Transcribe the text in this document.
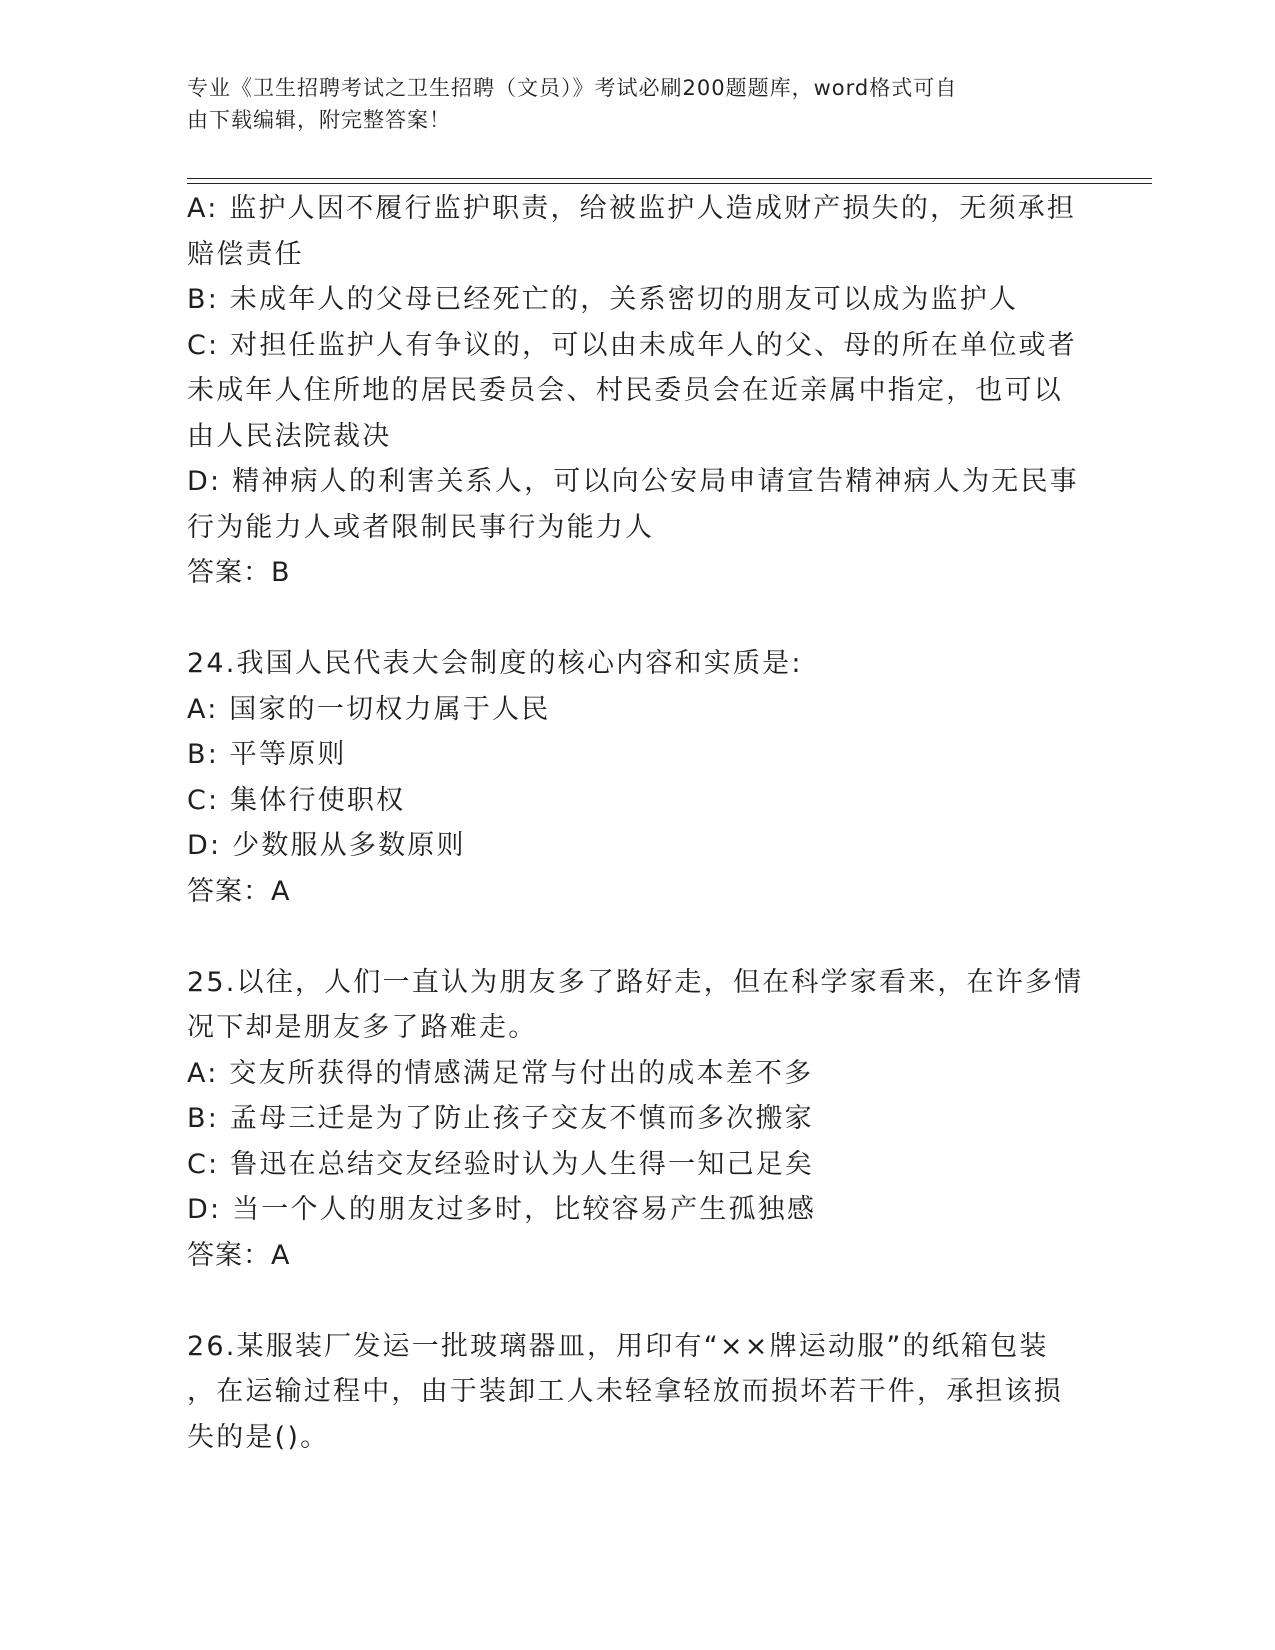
专业《卫生招聘考试之卫生招聘（文员）》考试必刷200题题库，word格式可自
由下载编辑，附完整答案！
A: 监护人因不履行监护职责，给被监护人造成财产损失的，无须承担
赔偿责任
B: 未成年人的父母已经死亡的，关系密切的朋友可以成为监护人
C: 对担任监护人有争议的，可以由未成年人的父、母的所在单位或者
未成年人住所地的居民委员会、村民委员会在近亲属中指定，也可以
由人民法院裁决
D: 精神病人的利害关系人，可以向公安局申请宣告精神病人为无民事
行为能力人或者限制民事行为能力人
答案：B
24.我国人民代表大会制度的核心内容和实质是:
A: 国家的一切权力属于人民
B: 平等原则
C: 集体行使职权
D: 少数服从多数原则
答案：A
25.以往，人们一直认为朋友多了路好走，但在科学家看来，在许多情
况下却是朋友多了路难走。
A: 交友所获得的情感满足常与付出的成本差不多
B: 孟母三迁是为了防止孩子交友不慎而多次搬家
C: 鲁迅在总结交友经验时认为人生得一知己足矣
D: 当一个人的朋友过多时，比较容易产生孤独感
答案：A
26.某服装厂发运一批玻璃器皿，用印有“××牌运动服”的纸箱包装
，在运输过程中，由于装卸工人未轻拿轻放而损坏若干件，承担该损
失的是()。
